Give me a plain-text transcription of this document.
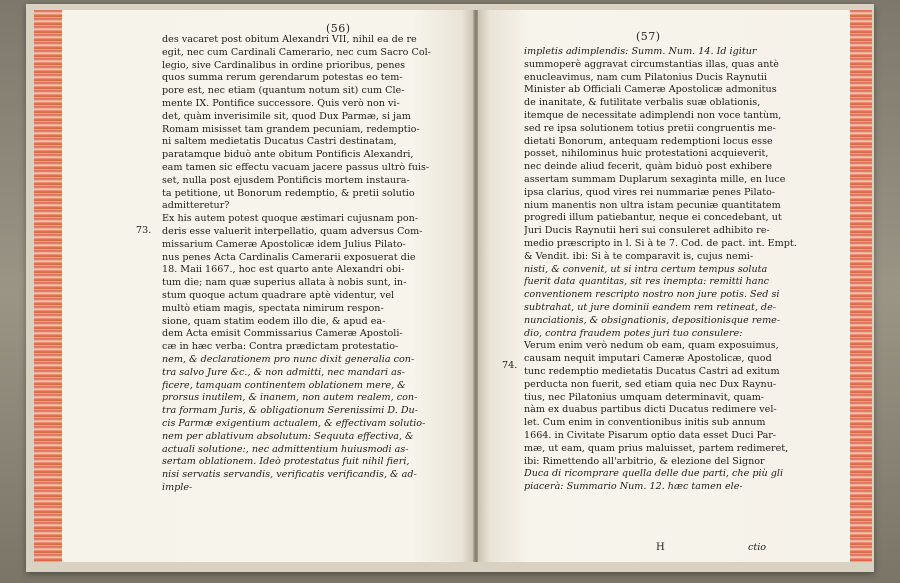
(56)
73.
des vacaret post obitum Alexandri VII, nihil ea de re
egit, nec cum Cardinali Camerario, nec cum Sacro Col-
legio, sive Cardinalibus in ordine prioribus, penes
quos summa rerum gerendarum potestas eo tem-
pore est, nec etiam (quantum notum sit) cum Cle-
mente IX. Pontifice successore. Quis verò non vi-
det, quàm inverisimile sit, quod Dux Parmæ, si jam
Romam misisset tam grandem pecuniam, redemptio-
ni saltem medietatis Ducatus Castri destinatam,
paratamque biduò ante obitum Pontificis Alexandri,
eam tamen sic effectu vacuam jacere passus ultrò fuis-
set, nulla post ejusdem Pontificis mortem instaura-
ta petitione, ut Bonorum redemptio, & pretii solutio
admitteretur?
Ex his autem potest quoque æstimari cujusnam pon-
deris esse valuerit interpellatio, quam adversus Com-
missarium Cameræ Apostolicæ idem Julius Pilato-
nus penes Acta Cardinalis Camerarii exposuerat die
18. Maii 1667., hoc est quarto ante Alexandri obi-
tum die; nam quæ superius allata à nobis sunt, in-
stum quoque actum quadrare aptè videntur, vel
multò etiam magis, spectata nimirum respon-
sione, quam statim eodem illo die, & apud ea-
dem Acta emisit Commissarius Cameræ Apostoli-
cæ in hæc verba: Contra prædictam protestatio-
nem, & declarationem pro nunc dixit generalia con-
tra salvo Jure &c., & non admitti, nec mandari as-
ficere, tamquam continentem oblationem mere, &
prorsus inutilem, & inanem, non autem realem, con-
tra formam Juris, & obligationum Serenissimi D. Du-
cis Parmæ exigentium actualem, & effectivam solutio-
nem per ablativum absolutum: Sequuta effectiva, &
actuali solutione:, nec admittentium huiusmodi as-
sertam oblationem. Ideò protestatus fuit nihil fieri,
nisi servatis servandis, verificatis verificandis, & ad-
imple-
(57)
74.
impletis adimplendis: Summ. Num. 14. Id igitur
summoperè aggravat circumstantias illas, quas antè
enucleavimus, nam cum Pilatonius Ducis Raynutii
Minister ab Officiali Cameræ Apostolicæ admonitus
de inanitate, & futilitate verbalis suæ oblationis,
itemque de necessitate adimplendi non voce tantùm,
sed re ipsa solutionem totius pretii congruentis me-
dietati Bonorum, antequam redemptioni locus esse
posset, nihilominus huic protestationi acquieverit,
nec deinde aliud fecerit, quàm biduò post exhibere
assertam summam Duplarum sexaginta mille, en luce
ipsa clarius, quod vires rei nummariæ penes Pilato-
nium manentis non ultra istam pecuniæ quantitatem
progredi illum patiebantur, neque ei concedebant, ut
Juri Ducis Raynutii heri sui consuleret adhibito re-
medio præscripto in l. Si à te 7. Cod. de pact. int. Empt.
& Vendit. ibi: Si à te comparavit is, cujus nemi-
nisti, & convenit, ut si intra certum tempus soluta
fuerit data quantitas, sit res inempta: remitti hanc
conventionem rescripto nostro non jure potis. Sed si
subtrahat, ut jure dominii eandem rem retineat, de-
nunciationis, & obsignationis, depositionisque reme-
dio, contra fraudem potes juri tuo consulere:
Verum enim verò nedum ob eam, quam exposuimus,
causam nequit imputari Cameræ Apostolicæ, quod
tunc redemptio medietatis Ducatus Castri ad exitum
perducta non fuerit, sed etiam quia nec Dux Raynu-
tius, nec Pilatonius umquam determinavit, quam-
nàm ex duabus partibus dicti Ducatus redimere vel-
let. Cum enim in conventionibus initis sub annum
1664. in Civitate Pisarum optio data esset Duci Par-
mæ, ut eam, quam prius maluisset, partem redimeret,
ibi: Rimettendo all'arbitrio, & elezione del Signor
Duca di ricomprare quella delle due parti, che più gli
piacerà: Summario Num. 12. hæc tamen ele-
H	ctio
